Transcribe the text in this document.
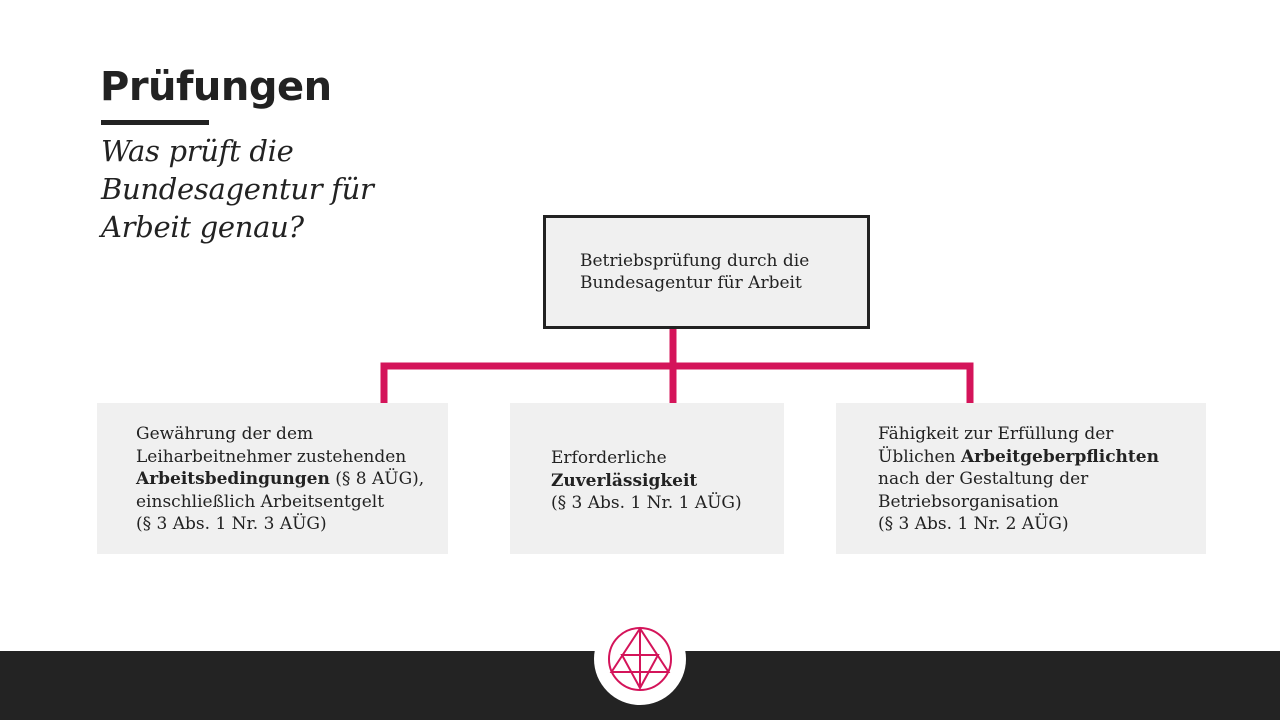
Prüfungen
Was prüft die
Bundesagentur für
Arbeit genau?
Betriebsprüfung durch die
Bundesagentur für Arbeit
Gewährung der dem
Leiharbeitnehmer zustehenden
Arbeitsbedingungen (§ 8 AÜG),
einschließlich Arbeitsentgelt
(§ 3 Abs. 1 Nr. 3 AÜG)
Erforderliche
Zuverlässigkeit
(§ 3 Abs. 1 Nr. 1 AÜG)
Fähigkeit zur Erfüllung der
Üblichen Arbeitgeberpflichten
nach der Gestaltung der
Betriebsorganisation
(§ 3 Abs. 1 Nr. 2 AÜG)
